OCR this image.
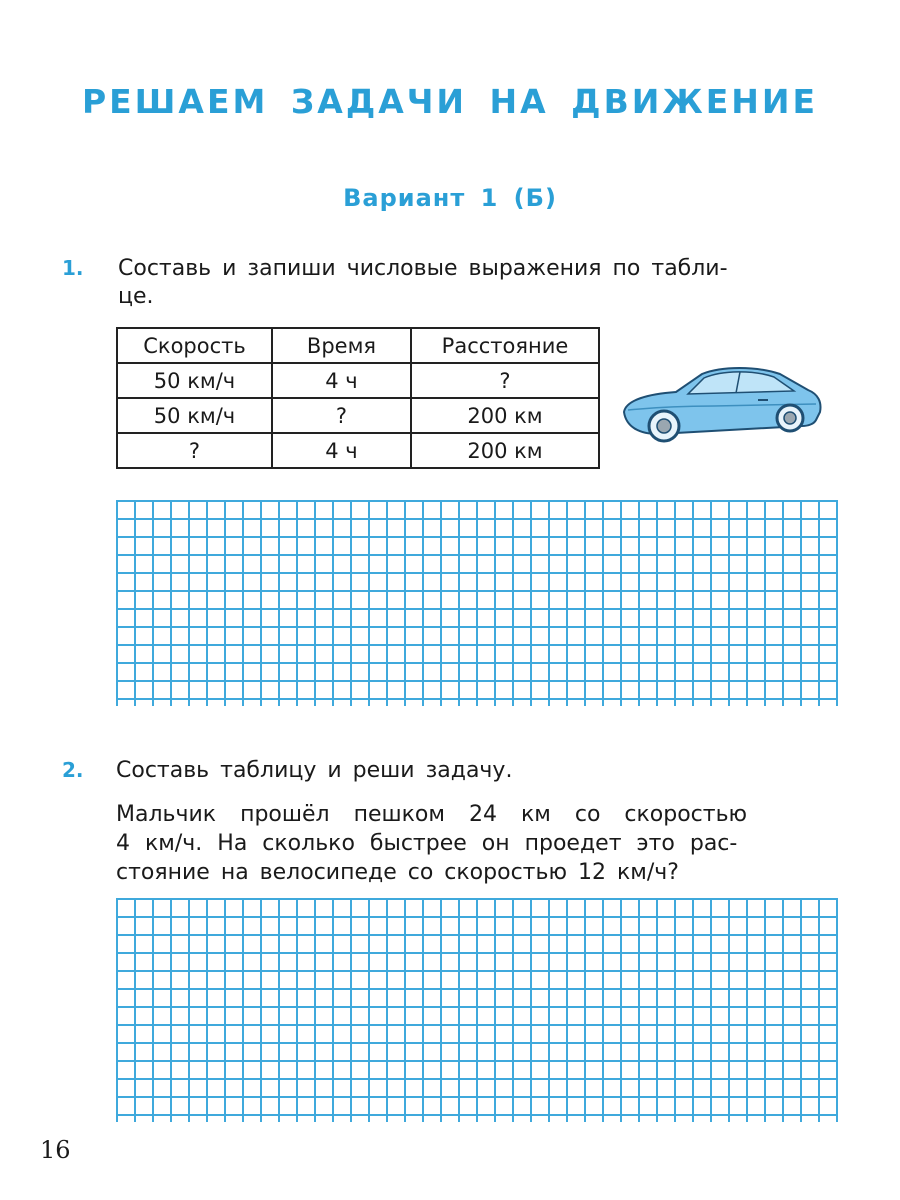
РЕШАЕМ ЗАДАЧИ НА ДВИЖЕНИЕ
Вариант 1 (Б)
1. Составь и запиши числовые выражения по табли-
це.
Скорость	Время	Расстояние
50 км/ч	4 ч	?
50 км/ч	?	200 км
?	4 ч	200 км
2. Составь таблицу и реши задачу.
Мальчик прошёл пешком 24 км со скоростью
4 км/ч. На сколько быстрее он проедет это рас-
стояние на велосипеде со скоростью 12 км/ч?
16
